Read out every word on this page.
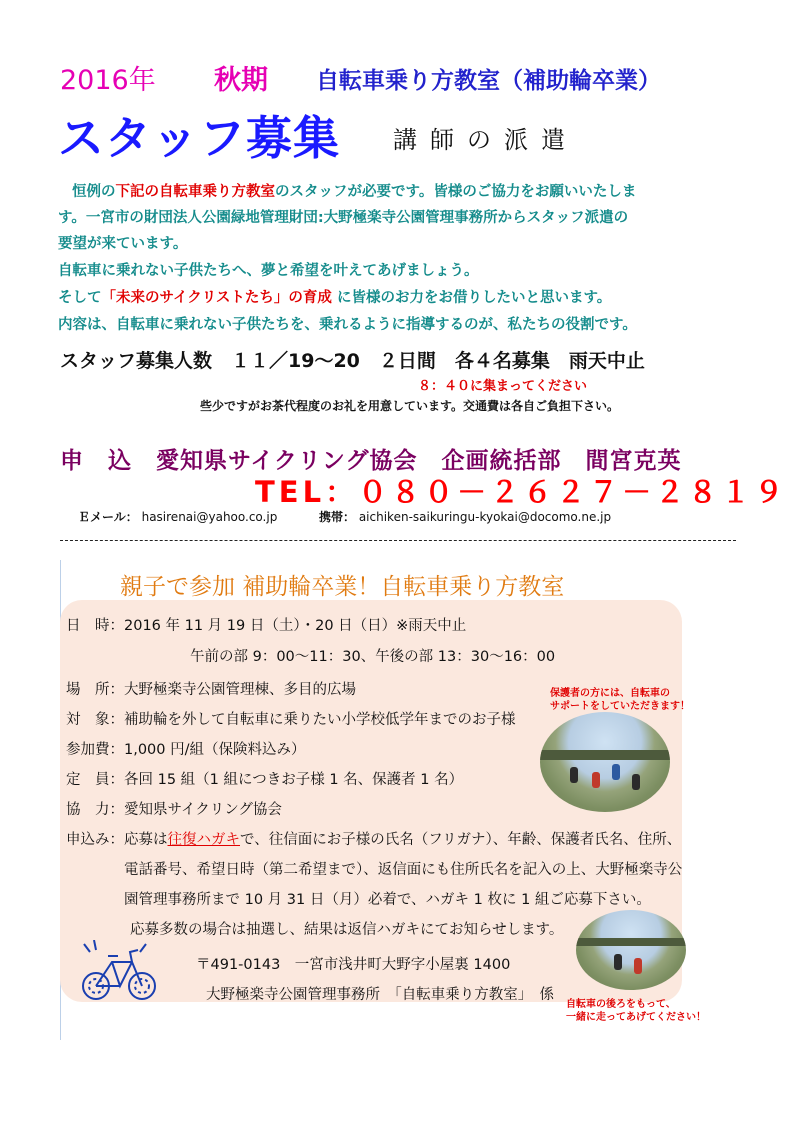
2016年 秋期 自転車乗り方教室（補助輪卒業）
スタッフ募集 講師の派遣
恒例の下記の自転車乗り方教室のスタッフが必要です。皆様のご協力をお願いいたしま
す。一宮市の財団法人公園緑地管理財団:大野極楽寺公園管理事務所からスタッフ派遣の
要望が来ています。
自転車に乗れない子供たちへ、夢と希望を叶えてあげましょう。
そして「未来のサイクリストたち」の育成 に皆様のお力をお借りしたいと思います。
内容は、自転車に乗れない子供たちを、乗れるように指導するのが、私たちの役割です。
スタッフ募集人数　１１／19～20　２日間　各４名募集　雨天中止
８：４０に集まってください
些少ですがお茶代程度のお礼を用意しています。交通費は各自ご負担下さい。
申　込　愛知県サイクリング協会　企画統括部　間宮克英
TEL：０８０－２６２７－２８１９
Ｅメール： hasirenai@yahoo.co.jp	携帯： aichiken-saikuringu-kyokai@docomo.ne.jp
親子で参加 補助輪卒業！自転車乗り方教室
日　時：2016 年 11 月 19 日（土）・20 日（日）※雨天中止
午前の部 9：00～11：30、午後の部 13：30～16：00
場　所：大野極楽寺公園管理棟、多目的広場
対　象：補助輪を外して自転車に乗りたい小学校低学年までのお子様
参加費：1,000 円/組（保険料込み）
定　員：各回 15 組（1 組につきお子様 1 名、保護者 1 名）
協　力：愛知県サイクリング協会
申込み：応募は往復ハガキで、往信面にお子様の氏名（フリガナ）、年齢、保護者氏名、住所、
電話番号、希望日時（第二希望まで）、返信面にも住所氏名を記入の上、大野極楽寺公
園管理事務所まで 10 月 31 日（月）必着で、ハガキ 1 枚に 1 組ご応募下さい。
応募多数の場合は抽選し、結果は返信ハガキにてお知らせします。
〒491-0143　一宮市浅井町大野字小屋裏 1400
大野極楽寺公園管理事務所　「自転車乗り方教室」　係
保護者の方には、自転車の
サポートをしていただきます！
自転車の後ろをもって、
一緒に走ってあげてください！
